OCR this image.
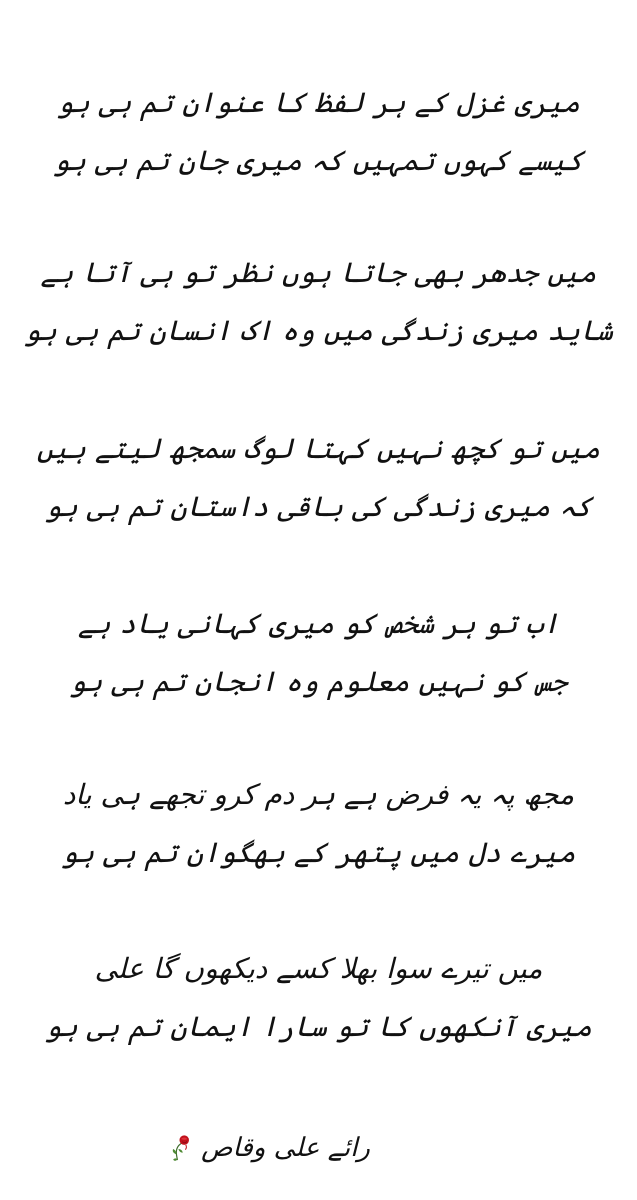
میری غزل کے ہر لفظ کا عنوان تم ہی ہو
کیسے کہوں تمہیں کہ میری جان تم ہی ہو
میں جدھر بھی جاتا ہوں نظر تو ہی آتا ہے
شاید میری زندگی میں وہ اک انسان تم ہی ہو
میں تو کچھ نہیں کہتا لوگ سمجھ لیتے ہیں
کہ میری زندگی کی باقی داستان تم ہی ہو
اب تو ہر شخص کو میری کہانی یاد ہے
جس کو نہیں معلوم وہ انجان تم ہی ہو
مجھ پہ یہ فرض ہے ہر دم کرو تجھے ہی یاد
میرے دل میں پتھر کے بھگوان تم ہی ہو
میں تیرے سوا بھلا کسے دیکھوں گا علی
میری آنکھوں کا تو سارا ایمان تم ہی ہو
رائے علی وقاص
